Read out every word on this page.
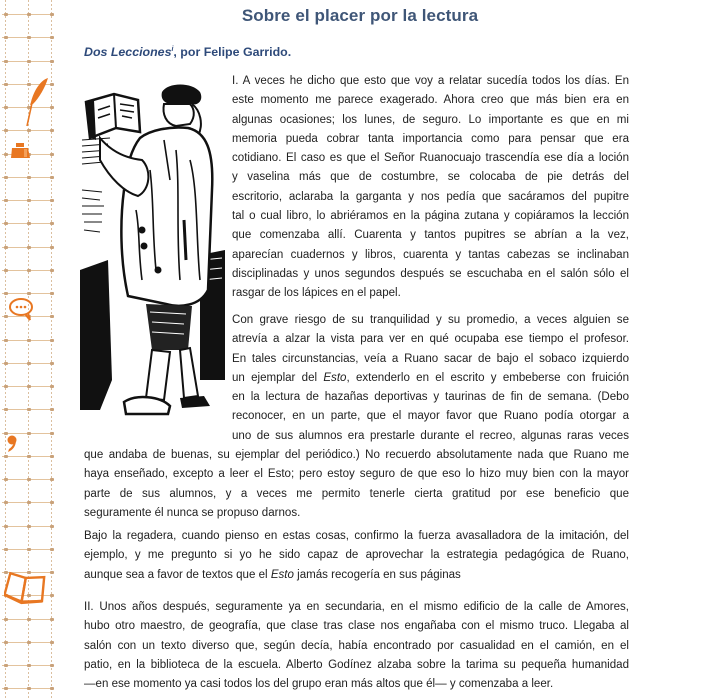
Sobre el placer por la lectura
Dos Lecciones$^i$, por Felipe Garrido.
I. A veces he dicho que esto que voy a relatar sucedía todos los días. En
este momento me parece exagerado. Ahora creo que más bien era en
algunas ocasiones; los lunes, de seguro. Lo importante es que en mi
memoria pueda cobrar tanta importancia como para pensar que era
cotidiano. El caso es que el Señor Ruanocuajo trascendía ese día a loción
y vaselina más que de costumbre, se colocaba de pie detrás del
escritorio, aclaraba la garganta y nos pedía que sacáramos del pupitre
tal o cual libro, lo abriéramos en la página zutana y copiáramos la lección
que comenzaba allí. Cuarenta y tantos pupitres se abrían a la vez,
aparecían cuadernos y libros, cuarenta y tantas cabezas se inclinaban
disciplinadas y unos segundos después se escuchaba en el salón sólo el
rasgar de los lápices en el papel.
Con grave riesgo de su tranquilidad y su promedio, a veces alguien se
atrevía a alzar la vista para ver en qué ocupaba ese tiempo el profesor.
En tales circunstancias, veía a Ruano sacar de bajo el sobaco izquierdo
un ejemplar del Esto, extenderlo en el escrito y embeberse con fruición
en la lectura de hazañas deportivas y taurinas de fin de semana. (Debo
reconocer, en un parte, que el mayor favor que Ruano podía otorgar a
uno de sus alumnos era prestarle durante el recreo, algunas raras veces
que andaba de buenas, su ejemplar del periódico.) No recuerdo absolutamente nada que Ruano me
haya enseñado, excepto a leer el Esto; pero estoy seguro de que eso lo hizo muy bien con la mayor
parte de sus alumnos, y a veces me permito tenerle cierta gratitud por ese beneficio que
seguramente él nunca se propuso darnos.
Bajo la regadera, cuando pienso en estas cosas, confirmo la fuerza avasalladora de la imitación, del
ejemplo, y me pregunto si yo he sido capaz de aprovechar la estrategia pedagógica de Ruano,
aunque sea a favor de textos que el Esto jamás recogería en sus páginas
II. Unos años después, seguramente ya en secundaria, en el mismo edificio de la calle de Amores,
hubo otro maestro, de geografía, que clase tras clase nos engañaba con el mismo truco. Llegaba al
salón con un texto diverso que, según decía, había encontrado por casualidad en el camión, en el
patio, en la biblioteca de la escuela. Alberto Godínez alzaba sobre la tarima su pequeña humanidad
—en ese momento ya casi todos los del grupo eran más altos que él— y comenzaba a leer.
